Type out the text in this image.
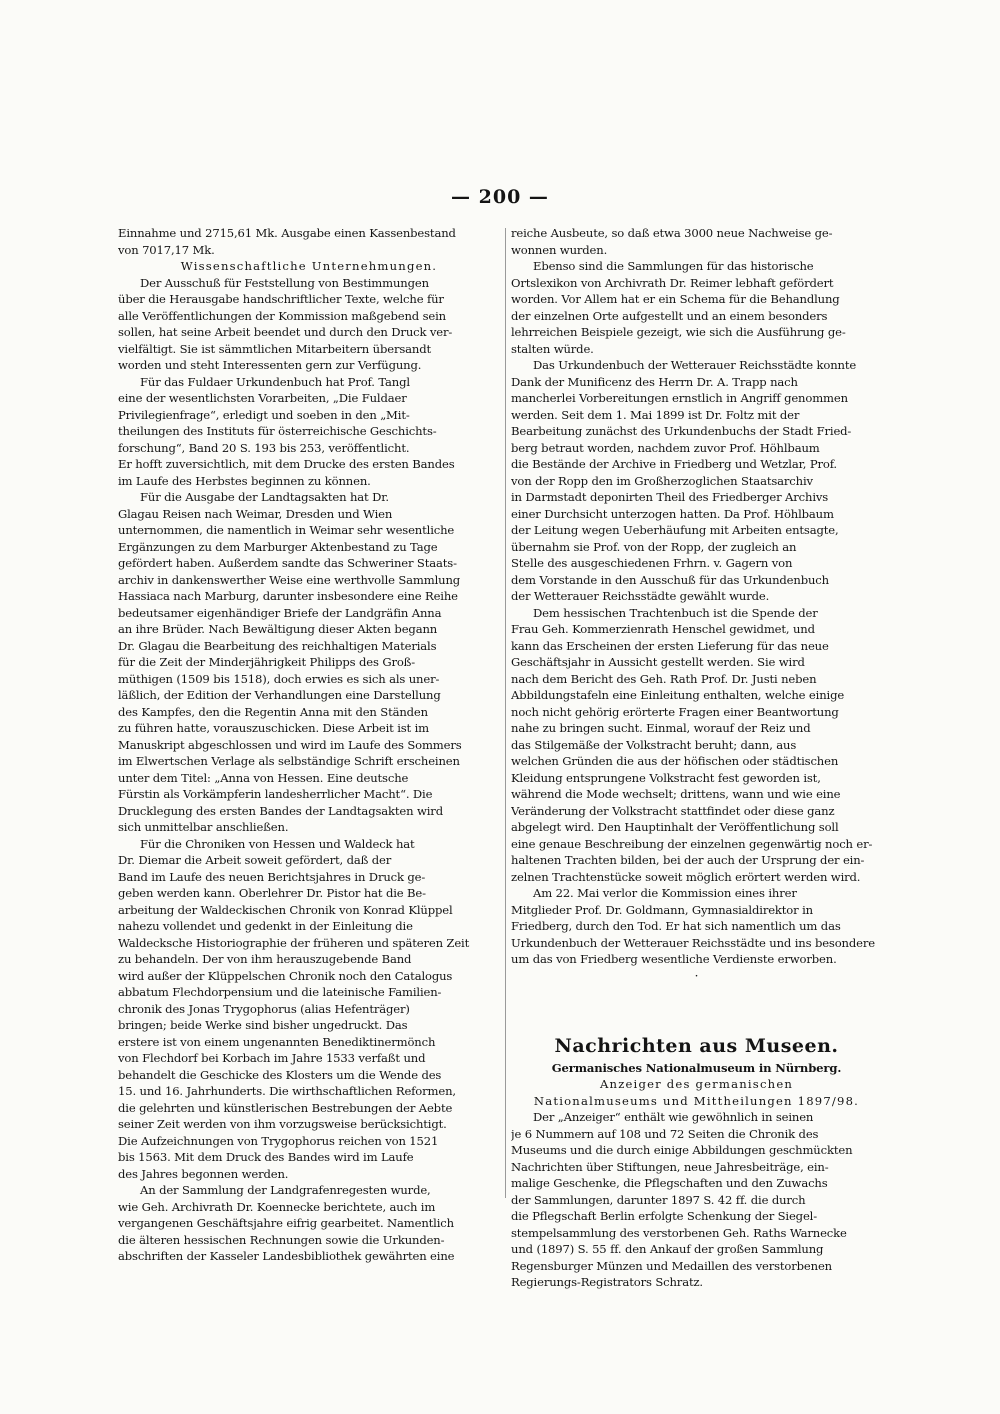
— 200 —
Einnahme und 2715,61 Mk. Ausgabe einen Kassenbestand
von 7017,17 Mk.
Wissenschaftliche Unternehmungen.
Der Ausschuß für Feststellung von Bestimmungen
über die Herausgabe handschriftlicher Texte, welche für
alle Veröffentlichungen der Kommission maßgebend sein
sollen, hat seine Arbeit beendet und durch den Druck ver-
vielfältigt. Sie ist sämmtlichen Mitarbeitern übersandt
worden und steht Interessenten gern zur Verfügung.
Für das Fuldaer Urkundenbuch hat Prof. Tangl
eine der wesentlichsten Vorarbeiten, „Die Fuldaer
Privilegienfrage“, erledigt und soeben in den „Mit-
theilungen des Instituts für österreichische Geschichts-
forschung“, Band 20 S. 193 bis 253, veröffentlicht.
Er hofft zuversichtlich, mit dem Drucke des ersten Bandes
im Laufe des Herbstes beginnen zu können.
Für die Ausgabe der Landtagsakten hat Dr.
Glagau Reisen nach Weimar, Dresden und Wien
unternommen, die namentlich in Weimar sehr wesentliche
Ergänzungen zu dem Marburger Aktenbestand zu Tage
gefördert haben. Außerdem sandte das Schweriner Staats-
archiv in dankenswerther Weise eine werthvolle Sammlung
Hassiaca nach Marburg, darunter insbesondere eine Reihe
bedeutsamer eigenhändiger Briefe der Landgräfin Anna
an ihre Brüder. Nach Bewältigung dieser Akten begann
Dr. Glagau die Bearbeitung des reichhaltigen Materials
für die Zeit der Minderjährigkeit Philipps des Groß-
müthigen (1509 bis 1518), doch erwies es sich als uner-
läßlich, der Edition der Verhandlungen eine Darstellung
des Kampfes, den die Regentin Anna mit den Ständen
zu führen hatte, vorauszuschicken. Diese Arbeit ist im
Manuskript abgeschlossen und wird im Laufe des Sommers
im Elwertschen Verlage als selbständige Schrift erscheinen
unter dem Titel: „Anna von Hessen. Eine deutsche
Fürstin als Vorkämpferin landesherrlicher Macht“. Die
Drucklegung des ersten Bandes der Landtagsakten wird
sich unmittelbar anschließen.
Für die Chroniken von Hessen und Waldeck hat
Dr. Diemar die Arbeit soweit gefördert, daß der
Band im Laufe des neuen Berichtsjahres in Druck ge-
geben werden kann. Oberlehrer Dr. Pistor hat die Be-
arbeitung der Waldeckischen Chronik von Konrad Klüppel
nahezu vollendet und gedenkt in der Einleitung die
Waldecksche Historiographie der früheren und späteren Zeit
zu behandeln. Der von ihm herauszugebende Band
wird außer der Klüppelschen Chronik noch den Catalogus
abbatum Flechdorpensium und die lateinische Familien-
chronik des Jonas Trygophorus (alias Hefenträger)
bringen; beide Werke sind bisher ungedruckt. Das
erstere ist von einem ungenannten Benediktinermönch
von Flechdorf bei Korbach im Jahre 1533 verfaßt und
behandelt die Geschicke des Klosters um die Wende des
15. und 16. Jahrhunderts. Die wirthschaftlichen Reformen,
die gelehrten und künstlerischen Bestrebungen der Aebte
seiner Zeit werden von ihm vorzugsweise berücksichtigt.
Die Aufzeichnungen von Trygophorus reichen von 1521
bis 1563. Mit dem Druck des Bandes wird im Laufe
des Jahres begonnen werden.
An der Sammlung der Landgrafenregesten wurde,
wie Geh. Archivrath Dr. Koennecke berichtete, auch im
vergangenen Geschäftsjahre eifrig gearbeitet. Namentlich
die älteren hessischen Rechnungen sowie die Urkunden-
abschriften der Kasseler Landesbibliothek gewährten eine
reiche Ausbeute, so daß etwa 3000 neue Nachweise ge-
wonnen wurden.
Ebenso sind die Sammlungen für das historische
Ortslexikon von Archivrath Dr. Reimer lebhaft gefördert
worden. Vor Allem hat er ein Schema für die Behandlung
der einzelnen Orte aufgestellt und an einem besonders
lehrreichen Beispiele gezeigt, wie sich die Ausführung ge-
stalten würde.
Das Urkundenbuch der Wetterauer Reichsstädte konnte
Dank der Munificenz des Herrn Dr. A. Trapp nach
mancherlei Vorbereitungen ernstlich in Angriff genommen
werden. Seit dem 1. Mai 1899 ist Dr. Foltz mit der
Bearbeitung zunächst des Urkundenbuchs der Stadt Fried-
berg betraut worden, nachdem zuvor Prof. Höhlbaum
die Bestände der Archive in Friedberg und Wetzlar, Prof.
von der Ropp den im Großherzoglichen Staatsarchiv
in Darmstadt deponirten Theil des Friedberger Archivs
einer Durchsicht unterzogen hatten. Da Prof. Höhlbaum
der Leitung wegen Ueberhäufung mit Arbeiten entsagte,
übernahm sie Prof. von der Ropp, der zugleich an
Stelle des ausgeschiedenen Frhrn. v. Gagern von
dem Vorstande in den Ausschuß für das Urkundenbuch
der Wetterauer Reichsstädte gewählt wurde.
Dem hessischen Trachtenbuch ist die Spende der
Frau Geh. Kommerzienrath Henschel gewidmet, und
kann das Erscheinen der ersten Lieferung für das neue
Geschäftsjahr in Aussicht gestellt werden. Sie wird
nach dem Bericht des Geh. Rath Prof. Dr. Justi neben
Abbildungstafeln eine Einleitung enthalten, welche einige
noch nicht gehörig erörterte Fragen einer Beantwortung
nahe zu bringen sucht. Einmal, worauf der Reiz und
das Stilgemäße der Volkstracht beruht; dann, aus
welchen Gründen die aus der höfischen oder städtischen
Kleidung entsprungene Volkstracht fest geworden ist,
während die Mode wechselt; drittens, wann und wie eine
Veränderung der Volkstracht stattfindet oder diese ganz
abgelegt wird. Den Hauptinhalt der Veröffentlichung soll
eine genaue Beschreibung der einzelnen gegenwärtig noch er-
haltenen Trachten bilden, bei der auch der Ursprung der ein-
zelnen Trachtenstücke soweit möglich erörtert werden wird.
Am 22. Mai verlor die Kommission eines ihrer
Mitglieder Prof. Dr. Goldmann, Gymnasialdirektor in
Friedberg, durch den Tod. Er hat sich namentlich um das
Urkundenbuch der Wetterauer Reichsstädte und ins besondere
um das von Friedberg wesentliche Verdienste erworben.
·
Nachrichten aus Museen.
Germanisches Nationalmuseum in Nürnberg.
Anzeiger des germanischen
Nationalmuseums und Mittheilungen 1897/98.
Der „Anzeiger“ enthält wie gewöhnlich in seinen
je 6 Nummern auf 108 und 72 Seiten die Chronik des
Museums und die durch einige Abbildungen geschmückten
Nachrichten über Stiftungen, neue Jahresbeiträge, ein-
malige Geschenke, die Pflegschaften und den Zuwachs
der Sammlungen, darunter 1897 S. 42 ff. die durch
die Pflegschaft Berlin erfolgte Schenkung der Siegel-
stempelsammlung des verstorbenen Geh. Raths Warnecke
und (1897) S. 55 ff. den Ankauf der großen Sammlung
Regensburger Münzen und Medaillen des verstorbenen
Regierungs-Registrators Schratz.
